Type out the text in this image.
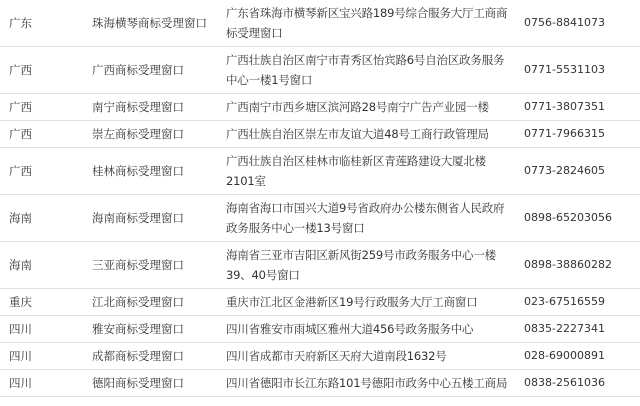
广东	珠海横琴商标受理窗口	广东省珠海市横琴新区宝兴路189号综合服务大厅工商商标受理窗口	0756-8841073
广西	广西商标受理窗口	广西壮族自治区南宁市青秀区怡宾路6号自治区政务服务中心一楼1号窗口	0771-5531103
广西	南宁商标受理窗口	广西南宁市西乡塘区滨河路28号南宁广告产业园一楼	0771-3807351
广西	崇左商标受理窗口	广西壮族自治区崇左市友谊大道48号工商行政管理局	0771-7966315
广西	桂林商标受理窗口	广西壮族自治区桂林市临桂新区青莲路建设大厦北楼2101室	0773-2824605
海南	海南商标受理窗口	海南省海口市国兴大道9号省政府办公楼东侧省人民政府政务服务中心一楼13号窗口	0898-65203056
海南	三亚商标受理窗口	海南省三亚市吉阳区新风街259号市政务服务中心一楼39、40号窗口	0898-38860282
重庆	江北商标受理窗口	重庆市江北区金港新区19号行政服务大厅工商窗口	023-67516559
四川	雅安商标受理窗口	四川省雅安市雨城区雅州大道456号政务服务中心	0835-2227341
四川	成都商标受理窗口	四川省成都市天府新区天府大道南段1632号	028-69000891
四川	德阳商标受理窗口	四川省德阳市长江东路101号德阳市政务中心五楼工商局	0838-2561036
